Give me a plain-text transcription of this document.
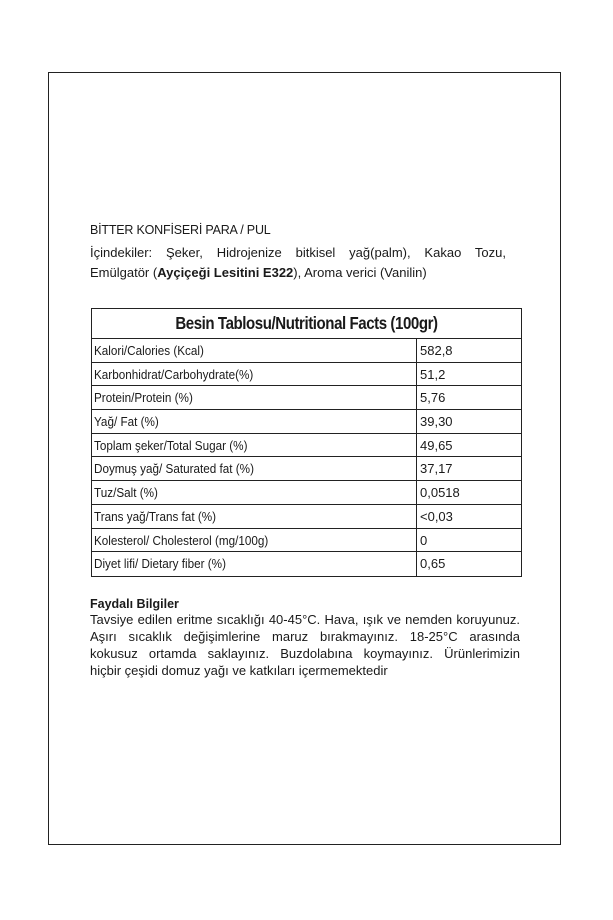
BİTTER KONFİSERİ PARA / PUL

İçindekiler: Şeker, Hidrojenize bitkisel yağ(palm), Kakao Tozu,
Emülgatör (Ayçiçeği Lesitini E322), Aroma verici (Vanilin)

Besin Tablosu/Nutritional Facts (100gr)
Kalori/Calories (Kcal)	582,8
Karbonhidrat/Carbohydrate(%)	51,2
Protein/Protein (%)	5,76
Yağ/ Fat (%)	39,30
Toplam şeker/Total Sugar (%)	49,65
Doymuş yağ/ Saturated fat (%)	37,17
Tuz/Salt (%)	0,0518
Trans yağ/Trans fat (%)	<0,03
Kolesterol/ Cholesterol (mg/100g)	0
Diyet lifi/ Dietary fiber (%)	0,65
Faydalı Bilgiler

Tavsiye edilen eritme sıcaklığı 40-45°C. Hava, ışık ve nemden koruyunuz.
Aşırı sıcaklık değişimlerine maruz bırakmayınız. 18-25°C arasında
kokusuz ortamda saklayınız. Buzdolabına koymayınız. Ürünlerimizin
hiçbir çeşidi domuz yağı ve katkıları içermemektedir
